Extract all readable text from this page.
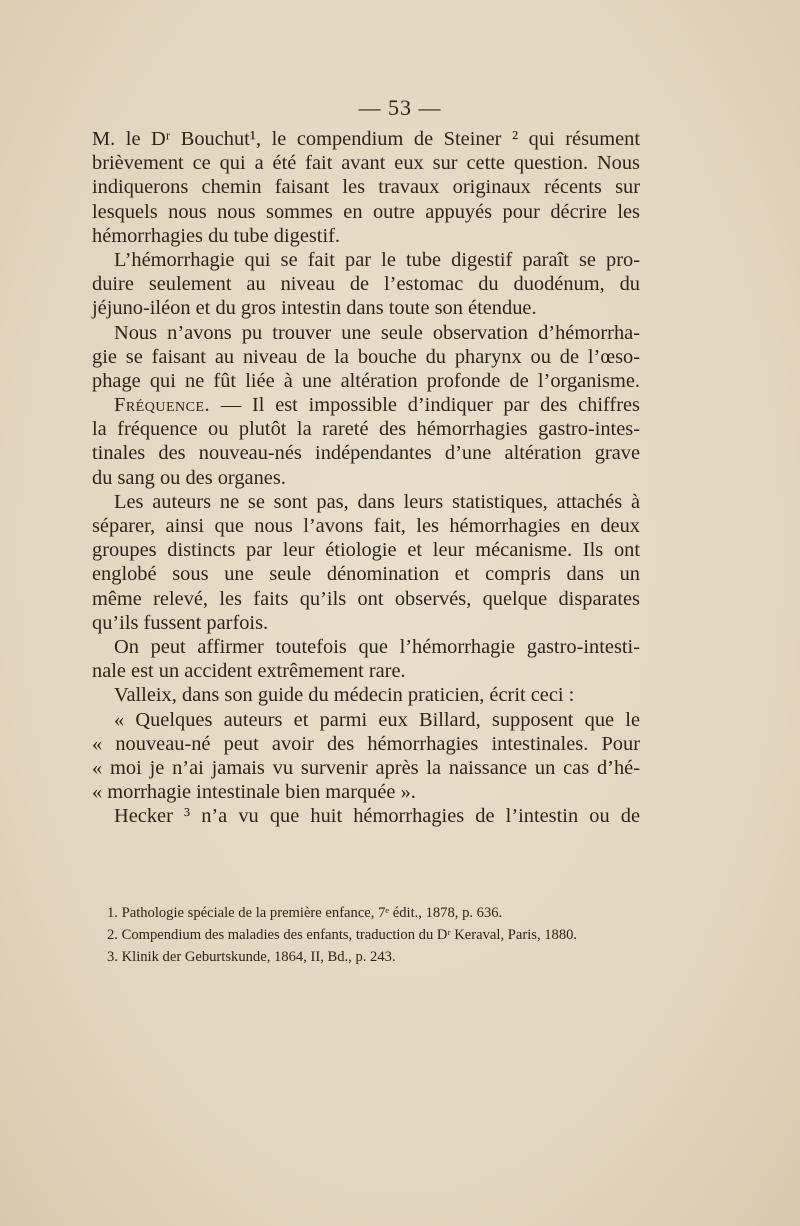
— 53 —
M. le Dʳ Bouchut¹, le compendium de Steiner ² qui résument
brièvement ce qui a été fait avant eux sur cette question. Nous
indiquerons chemin faisant les travaux originaux récents sur
lesquels nous nous sommes en outre appuyés pour décrire les
hémorrhagies du tube digestif.
L’hémorrhagie qui se fait par le tube digestif paraît se pro-
duire seulement au niveau de l’estomac du duodénum, du
jéjuno-iléon et du gros intestin dans toute son étendue.
Nous n’avons pu trouver une seule observation d’hémorrha-
gie se faisant au niveau de la bouche du pharynx ou de l’œso-
phage qui ne fût liée à une altération profonde de l’organisme.
Fréquence. — Il est impossible d’indiquer par des chiffres
la fréquence ou plutôt la rareté des hémorrhagies gastro-intes-
tinales des nouveau-nés indépendantes d’une altération grave
du sang ou des organes.
Les auteurs ne se sont pas, dans leurs statistiques, attachés à
séparer, ainsi que nous l’avons fait, les hémorrhagies en deux
groupes distincts par leur étiologie et leur mécanisme. Ils ont
englobé sous une seule dénomination et compris dans un
même relevé, les faits qu’ils ont observés, quelque disparates
qu’ils fussent parfois.
On peut affirmer toutefois que l’hémorrhagie gastro-intesti-
nale est un accident extrêmement rare.
Valleix, dans son guide du médecin praticien, écrit ceci :
« Quelques auteurs et parmi eux Billard, supposent que le
« nouveau-né peut avoir des hémorrhagies intestinales. Pour
« moi je n’ai jamais vu survenir après la naissance un cas d’hé-
« morrhagie intestinale bien marquée ».
Hecker ³ n’a vu que huit hémorrhagies de l’intestin ou de
1. Pathologie spéciale de la première enfance, 7ᵉ édit., 1878, p. 636.
2. Compendium des maladies des enfants, traduction du Dʳ Keraval, Paris, 1880.
3. Klinik der Geburtskunde, 1864, II, Bd., p. 243.
